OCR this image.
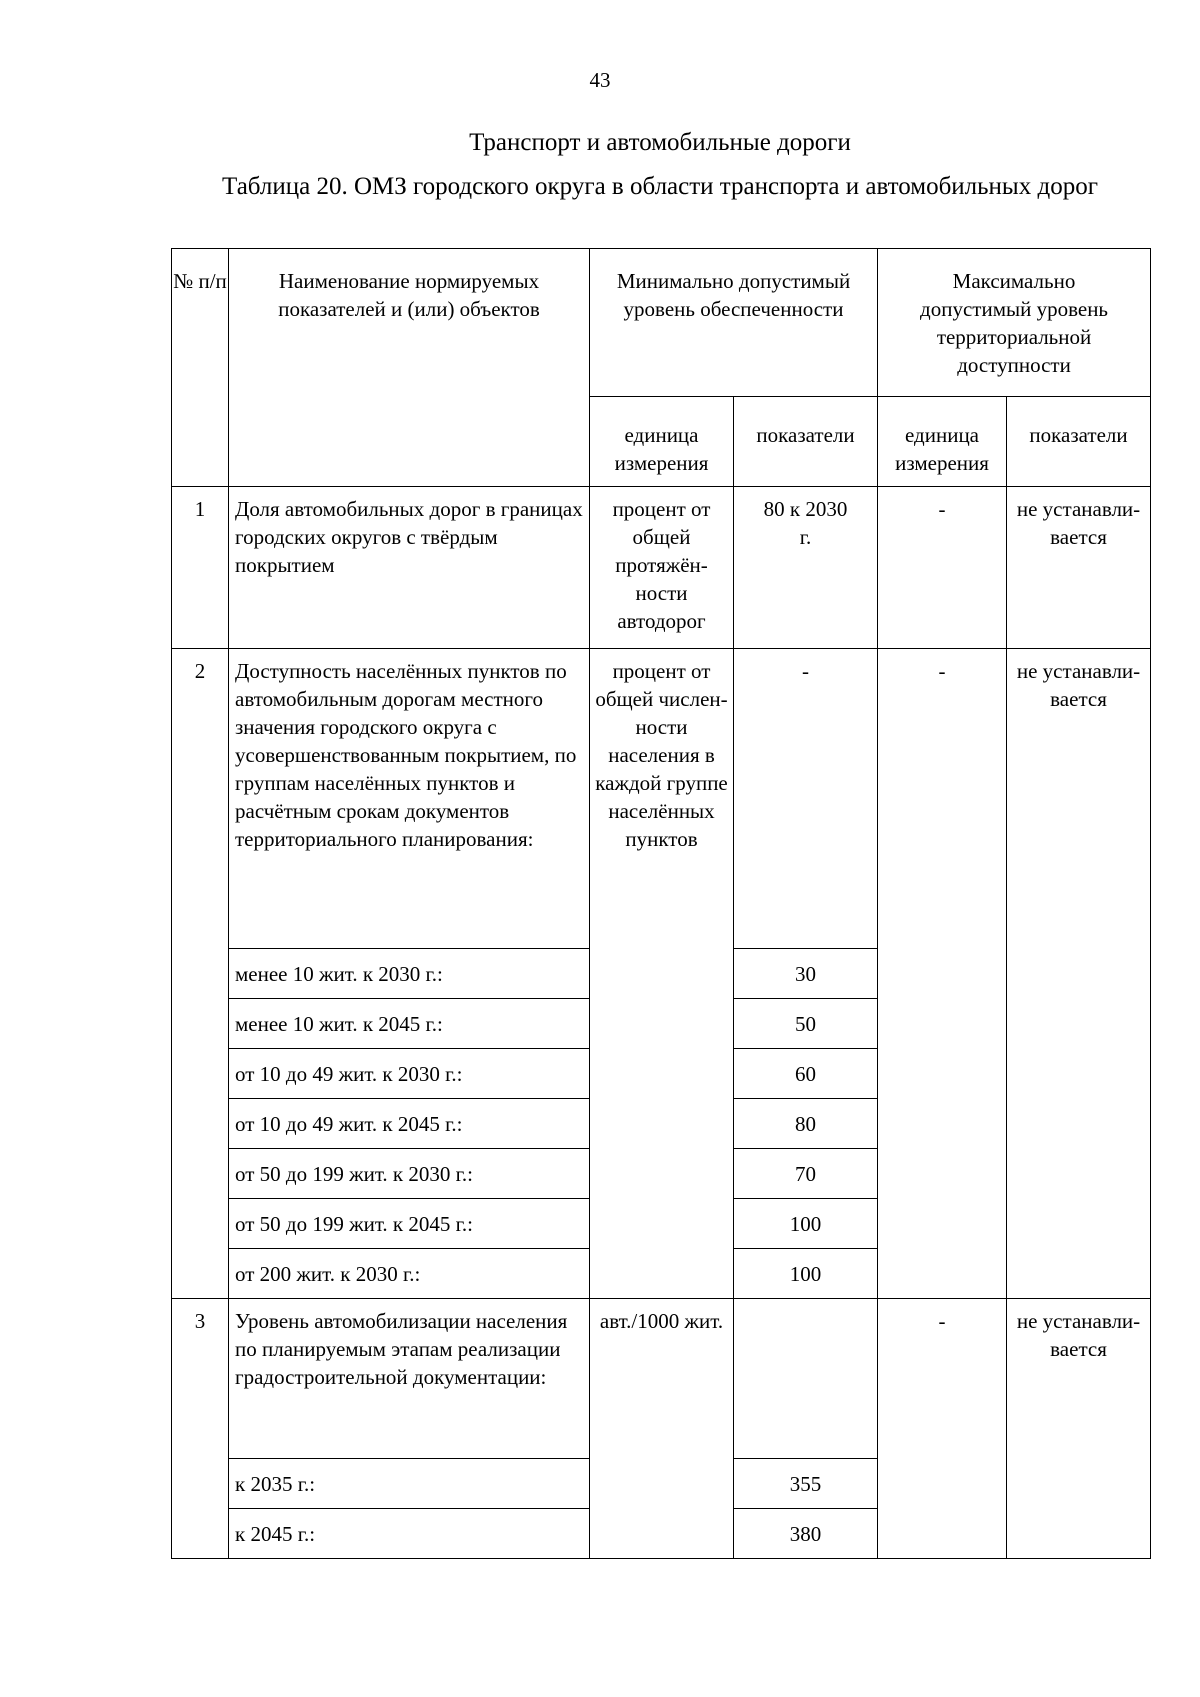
43
Транспорт и автомобильные дороги
Таблица 20. ОМЗ городского округа в области транспорта и автомобильных дорог
№ п/п	Наименование нормируемых показателей и (или) объектов	Минимально допустимый уровень обеспеченности		Максимально допустимый уровень территориальной доступности	
		единица измерения	показатели	единица измерения	показатели
1	Доля автомобильных дорог в границах городских округов с твёрдым покрытием	процент от общей протяжён-ности автодорог	80 к 2030 г.	-	не устанавли-вается
2	Доступность населённых пунктов по автомобильным дорогам местного значения городского округа с усовершенствованным покрытием, по группам населённых пунктов и расчётным срокам документов территориального планирования:	процент от общей числен-ности населения в каждой группе населённых пунктов	-	-	не устанавли-вается
	менее 10 жит. к 2030 г.:		30		
	менее 10 жит. к 2045 г.:		50		
	от 10 до 49 жит. к 2030 г.:		60		
	от 10 до 49 жит. к 2045 г.:		80		
	от 50 до 199 жит. к 2030 г.:		70		
	от 50 до 199 жит. к 2045 г.:		100		
	от 200 жит. к 2030 г.:		100		
3	Уровень автомобилизации населения по планируемым этапам реализации градостроительной документации:	авт./1000 жит.		-	не устанавли-вается
	к 2035 г.:		355		
	к 2045 г.:		380		
